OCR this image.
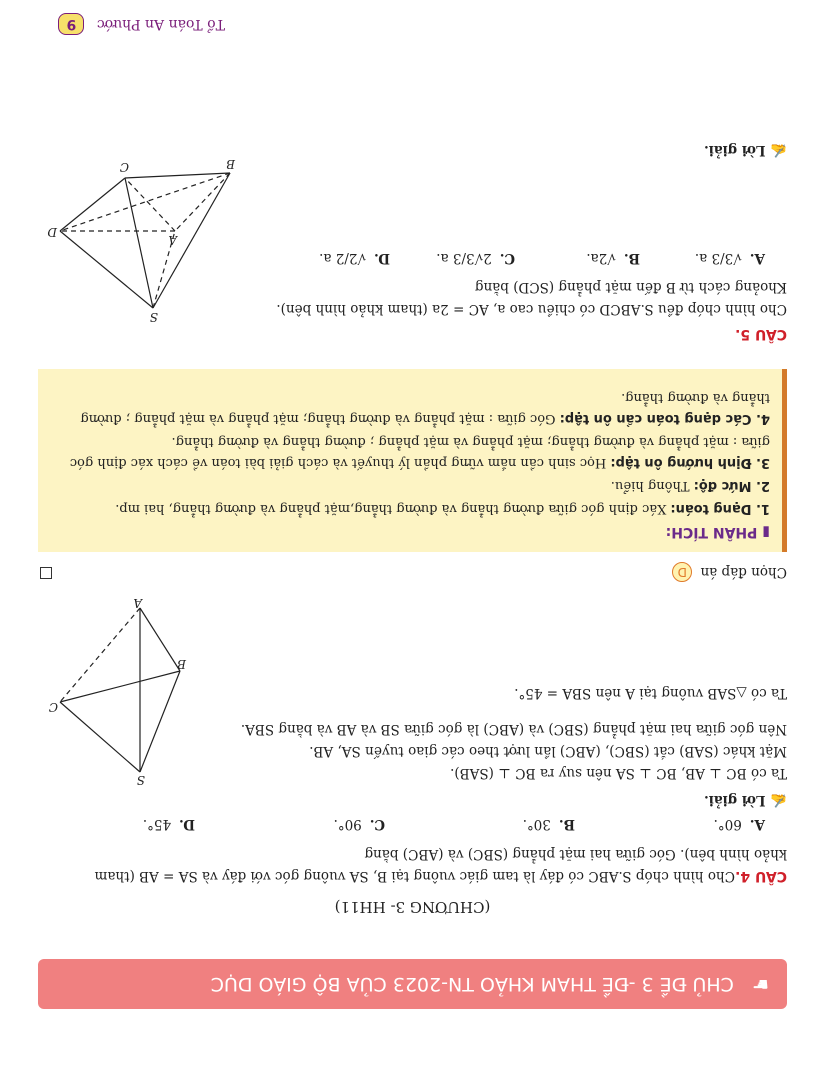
☛ CHỦ ĐỀ 3 -ĐỀ THAM KHẢO TN-2023 CỦA BỘ GIÁO DỤC
(CHƯƠNG 3- HH11)
CÂU 4.
Cho hình chóp S.ABC có đáy là tam giác vuông tại B, SA vuông góc với đáy và SA = AB (tham
khảo hình bên). Góc giữa hai mặt phẳng (SBC) và (ABC) bằng
A.60°.
B.30°.
C.90°.
D.45°.
✍ Lời giải.
Ta có BC ⊥ AB, BC ⊥ SA nên suy ra BC ⊥ (SAB).
Mặt khác (SAB) cắt (SBC), (ABC) lần lượt theo các giao tuyến SA, AB.
Nên góc giữa hai mặt phẳng (SBC) và (ABC) là góc giữa SB và AB và bằng SBA.
Ta có △SAB vuông tại A nên SBA = 45°.
S
A
B
C
Chọn đáp án D
▮ PHÂN TÍCH:
1. Dạng toán: Xác định góc giữa đường thẳng và đường thẳng,mặt phẳng và đường thẳng, hai mp.
2. Mức độ: Thông hiểu.
3. Định hướng ôn tập: Học sinh cần nắm vững phần lý thuyết và cách giải bài toán về cách xác định góc giữa : mặt phẳng và đường thẳng; mặt phẳng và mặt phẳng ; đường thẳng và đường thẳng.
4. Các dạng toán cần ôn tập: Góc giữa : mặt phẳng và đường thẳng; mặt phẳng và mặt phẳng ; đường thẳng và đường thẳng.
CÂU 5.
Cho hình chóp đều S.ABCD có chiều cao a, AC = 2a (tham khảo hình bên).
Khoảng cách từ B đến mặt phẳng (SCD) bằng
A.√3/3 a.
B.√2a.
C.2√3/3 a.
D.√2/2 a.
S
A
B
C
D
✍ Lời giải.
Tổ Toán An Phước 9
